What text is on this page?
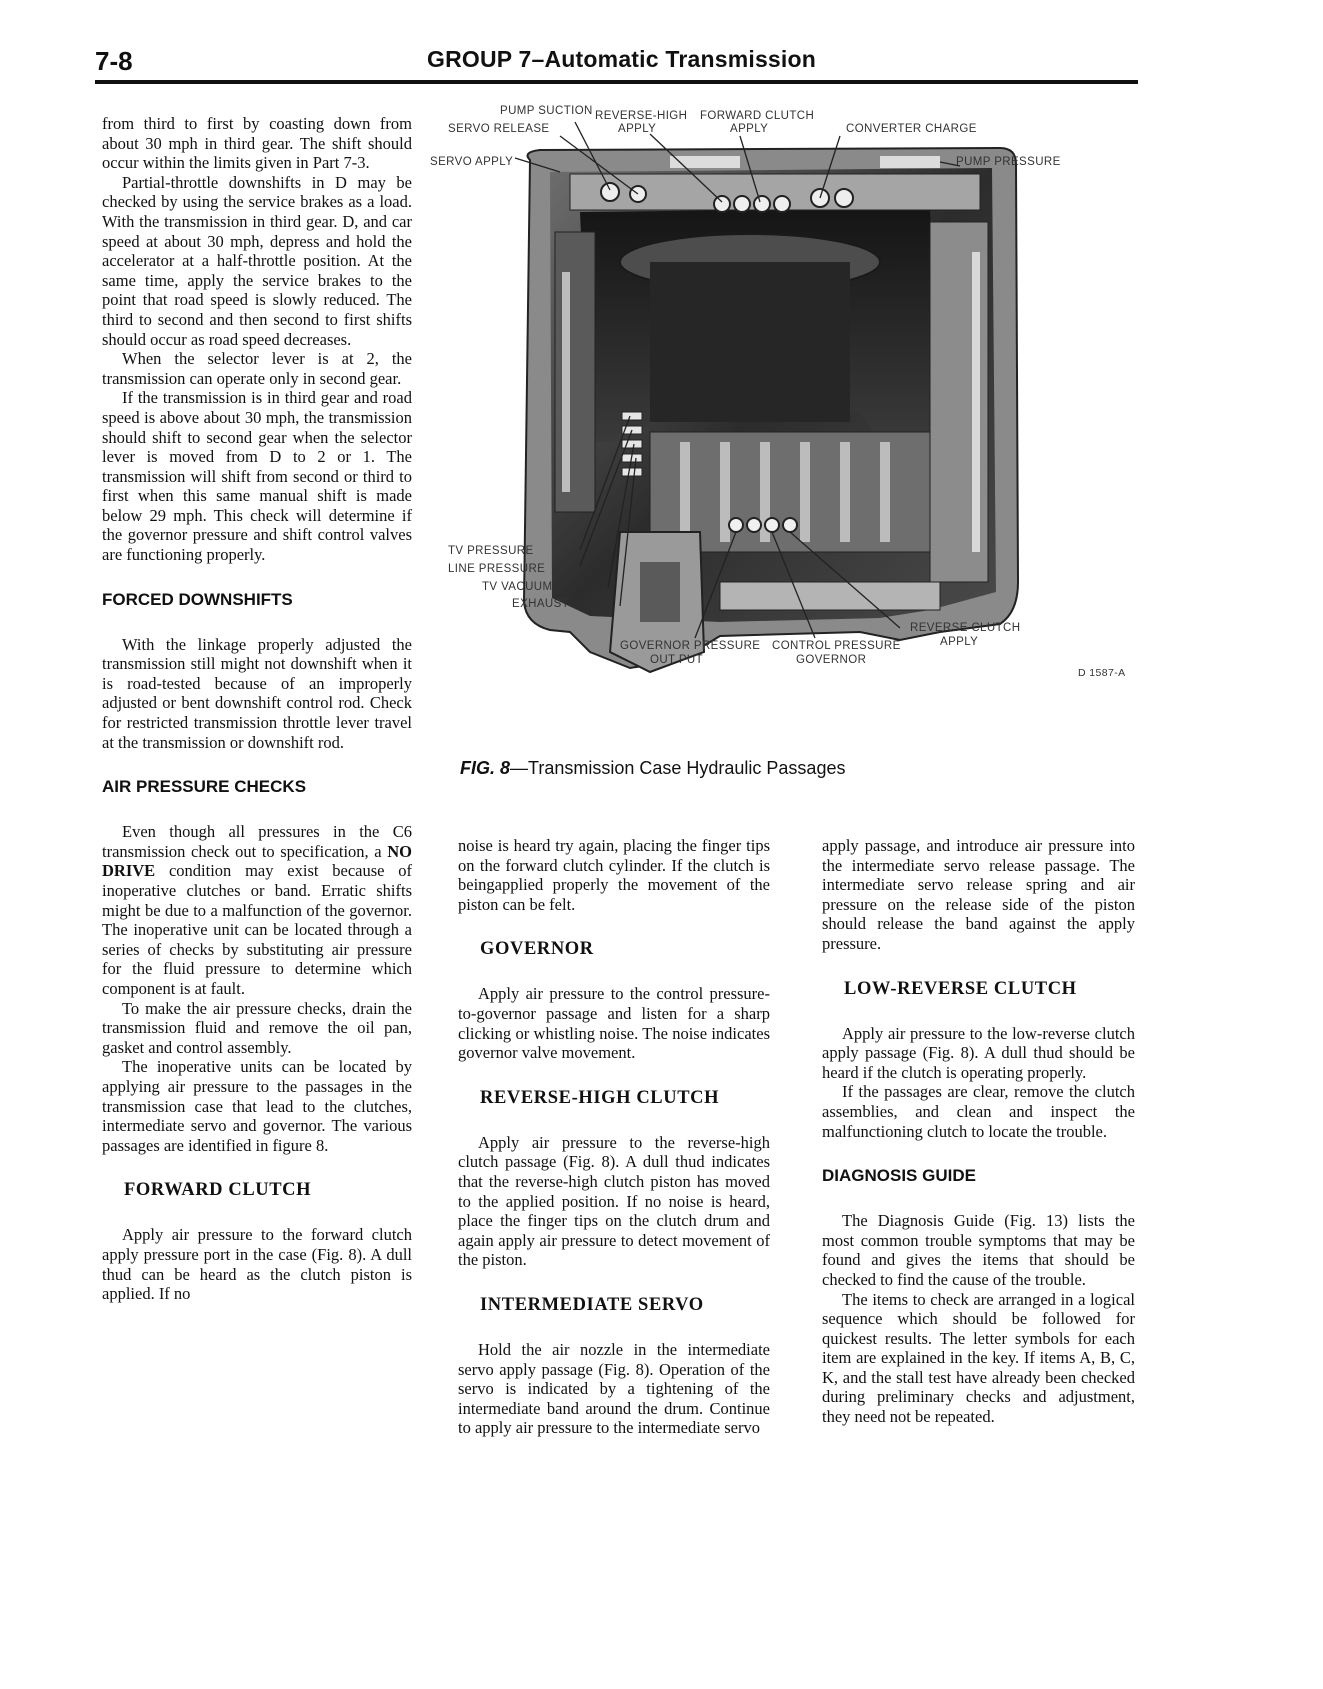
7-8	GROUP 7–Automatic Transmission

from third to first by coasting down from about 30 mph in third gear. The shift should occur within the limits given in Part 7-3.

Partial-throttle downshifts in D may be checked by using the service brakes as a load. With the transmission in third gear. D, and car speed at about 30 mph, depress and hold the accelerator at a half-throttle position. At the same time, apply the service brakes to the point that road speed is slowly reduced. The third to second and then second to first shifts should occur as road speed decreases.

When the selector lever is at 2, the transmission can operate only in second gear.

If the transmission is in third gear and road speed is above about 30 mph, the transmission should shift to second gear when the selector lever is moved from D to 2 or 1. The transmission will shift from second or third to first when this same manual shift is made below 29 mph. This check will determine if the governor pressure and shift control valves are functioning properly.

FORCED DOWNSHIFTS

With the linkage properly adjusted the transmission still might not downshift when it is road-tested because of an improperly adjusted or bent downshift control rod. Check for restricted transmission throttle lever travel at the transmission or downshift rod.

AIR PRESSURE CHECKS

Even though all pressures in the C6 transmission check out to specification, a NO DRIVE condition may exist because of inoperative clutches or band. Erratic shifts might be due to a malfunction of the governor. The inoperative unit can be located through a series of checks by substituting air pressure for the fluid pressure to determine which component is at fault.

To make the air pressure checks, drain the transmission fluid and remove the oil pan, gasket and control assembly.

The inoperative units can be located by applying air pressure to the passages in the transmission case that lead to the clutches, intermediate servo and governor. The various passages are identified in figure 8.

FORWARD CLUTCH

Apply air pressure to the forward clutch apply pressure port in the case (Fig. 8). A dull thud can be heard as the clutch piston is applied. If no

PUMP SUCTION
SERVO RELEASE
SERVO APPLY
REVERSE-HIGH
APPLY
FORWARD CLUTCH
APPLY	CONVERTER CHARGE
PUMP PRESSURE
TV PRESSURE
LINE PRESSURE
TV VACUUM
EXHAUST
REVERSE CLUTCH
APPLY
GOVERNOR PRESSURE
OUT PUT
CONTROL PRESSURE
GOVERNOR
D 1587-A
FIG. 8—Transmission Case Hydraulic Passages

noise is heard try again, placing the finger tips on the forward clutch cylinder. If the clutch is beingapplied properly the movement of the piston can be felt.

GOVERNOR

Apply air pressure to the control pressure-to-governor passage and listen for a sharp clicking or whistling noise. The noise indicates governor valve movement.

REVERSE-HIGH CLUTCH

Apply air pressure to the reverse-high clutch passage (Fig. 8). A dull thud indicates that the reverse-high clutch piston has moved to the applied position. If no noise is heard, place the finger tips on the clutch drum and again apply air pressure to detect movement of the piston.

INTERMEDIATE SERVO

Hold the air nozzle in the intermediate servo apply passage (Fig. 8). Operation of the servo is indicated by a tightening of the intermediate band around the drum. Continue to apply air pressure to the intermediate servo

apply passage, and introduce air pressure into the intermediate servo release passage. The intermediate servo release spring and air pressure on the release side of the piston should release the band against the apply pressure.

LOW-REVERSE CLUTCH

Apply air pressure to the low-reverse clutch apply passage (Fig. 8). A dull thud should be heard if the clutch is operating properly.

If the passages are clear, remove the clutch assemblies, and clean and inspect the malfunctioning clutch to locate the trouble.

DIAGNOSIS GUIDE

The Diagnosis Guide (Fig. 13) lists the most common trouble symptoms that may be found and gives the items that should be checked to find the cause of the trouble.

The items to check are arranged in a logical sequence which should be followed for quickest results. The letter symbols for each item are explained in the key. If items A, B, C, K, and the stall test have already been checked during preliminary checks and adjustment, they need not be repeated.
